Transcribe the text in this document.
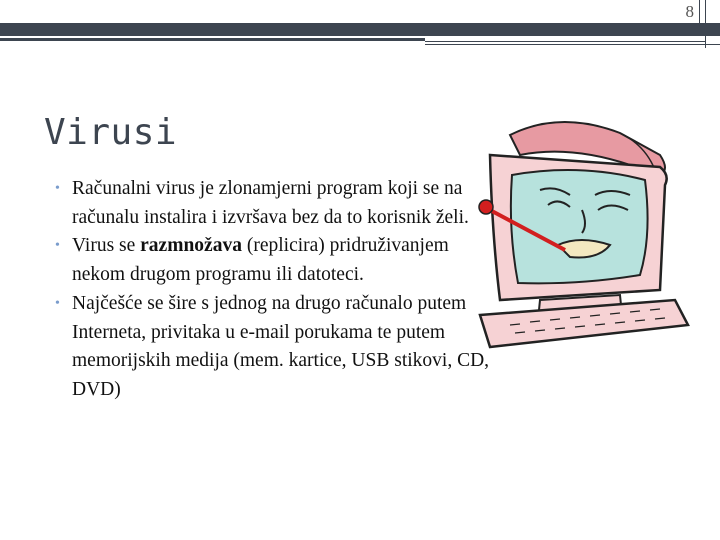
8
Virusi
• Računalni virus je zlonamjerni program koji se na računalu instalira i izvršava bez da to korisnik želi.
• Virus se razmnožava (replicira) pridruživanjem nekom drugom programu ili datoteci.
• Najčešće se šire s jednog na drugo računalo putem Interneta, privitaka u e-mail porukama te putem memorijskih medija (mem. kartice, USB stikovi, CD, DVD)
